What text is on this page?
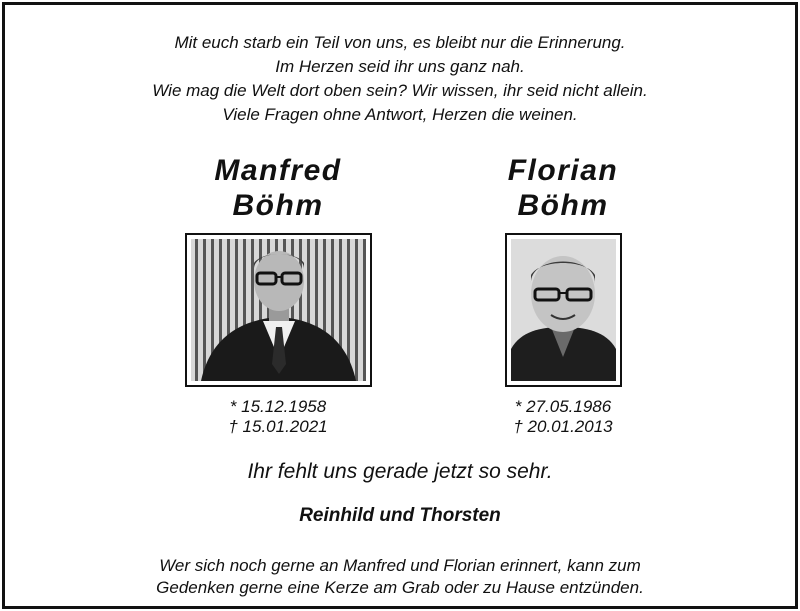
Mit euch starb ein Teil von uns, es bleibt nur die Erinnerung.
Im Herzen seid ihr uns ganz nah.
Wie mag die Welt dort oben sein? Wir wissen, ihr seid nicht allein.
Viele Fragen ohne Antwort, Herzen die weinen.
Manfred
Böhm
* 15.12.1958
† 15.01.2021
Florian
Böhm
* 27.05.1986
† 20.01.2013
Ihr fehlt uns gerade jetzt so sehr.
Reinhild und Thorsten
Wer sich noch gerne an Manfred und Florian erinnert, kann zum
Gedenken gerne eine Kerze am Grab oder zu Hause entzünden.
